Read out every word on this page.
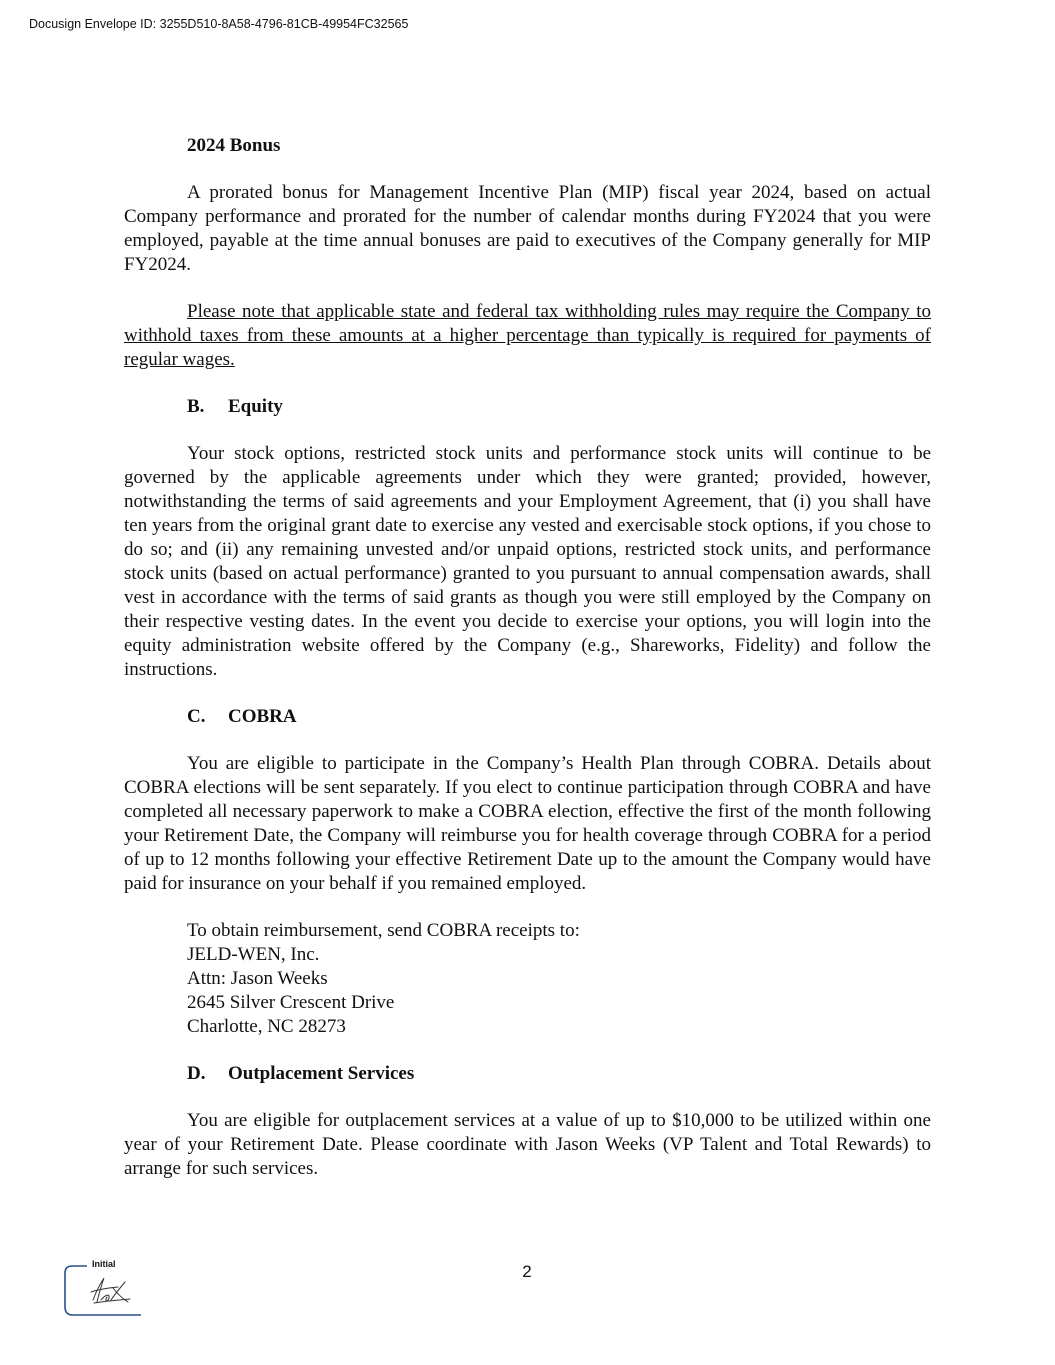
Docusign Envelope ID: 3255D510-8A58-4796-81CB-49954FC32565
2024 Bonus

A prorated bonus for Management Incentive Plan (MIP) fiscal year 2024, based on actual Company performance and prorated for the number of calendar months during FY2024 that you were employed, payable at the time annual bonuses are paid to executives of the Company generally for MIP FY2024.

Please note that applicable state and federal tax withholding rules may require the Company to withhold taxes from these amounts at a higher percentage than typically is required for payments of regular wages.

B. Equity

Your stock options, restricted stock units and performance stock units will continue to be governed by the applicable agreements under which they were granted; provided, however, notwithstanding the terms of said agreements and your Employment Agreement, that (i) you shall have ten years from the original grant date to exercise any vested and exercisable stock options, if you chose to do so; and (ii) any remaining unvested and/or unpaid options, restricted stock units, and performance stock units (based on actual performance) granted to you pursuant to annual compensation awards, shall vest in accordance with the terms of said grants as though you were still employed by the Company on their respective vesting dates. In the event you decide to exercise your options, you will login into the equity administration website offered by the Company (e.g., Shareworks, Fidelity) and follow the instructions.

C. COBRA

You are eligible to participate in the Company’s Health Plan through COBRA. Details about COBRA elections will be sent separately. If you elect to continue participation through COBRA and have completed all necessary paperwork to make a COBRA election, effective the first of the month following your Retirement Date, the Company will reimburse you for health coverage through COBRA for a period of up to 12 months following your effective Retirement Date up to the amount the Company would have paid for insurance on your behalf if you remained employed.

To obtain reimbursement, send COBRA receipts to:
JELD-WEN, Inc.
Attn: Jason Weeks
2645 Silver Crescent Drive
Charlotte, NC 28273
D. Outplacement Services

You are eligible for outplacement services at a value of up to $10,000 to be utilized within one year of your Retirement Date. Please coordinate with Jason Weeks (VP Talent and Total Rewards) to arrange for such services.

Initial	2
